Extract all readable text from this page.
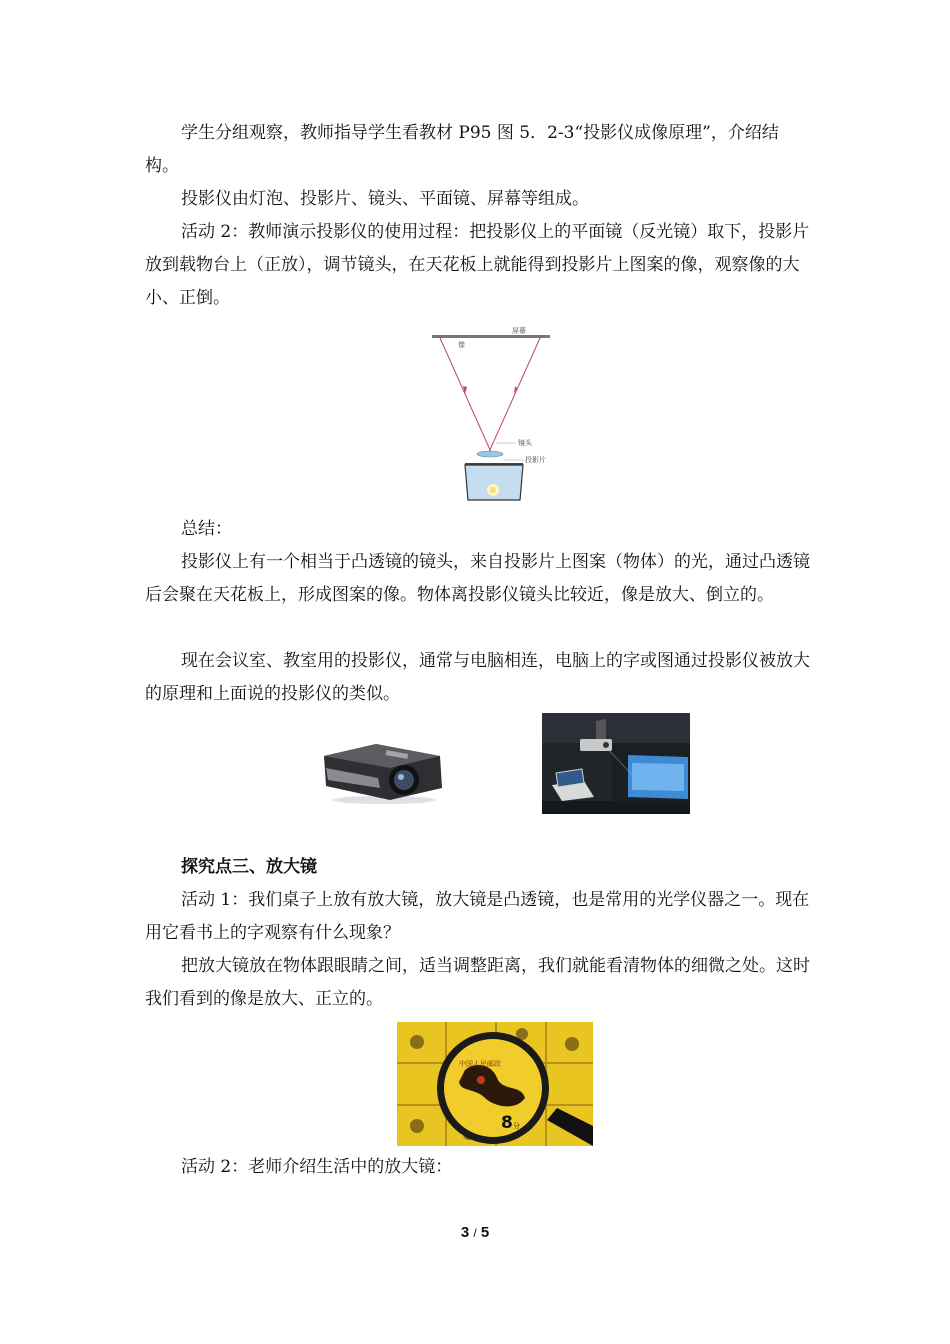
学生分组观察，教师指导学生看教材 P95 图 5．2-3“投影仪成像原理”，介绍结构。

投影仪由灯泡、投影片、镜头、平面镜、屏幕等组成。

活动 2：教师演示投影仪的使用过程：把投影仪上的平面镜（反光镜）取下，投影片放到载物台上（正放），调节镜头，在天花板上就能得到投影片上图案的像，观察像的大小、正倒。

屏幕
像
镜头
投影片

总结：

投影仪上有一个相当于凸透镜的镜头，来自投影片上图案（物体）的光，通过凸透镜后会聚在天花板上，形成图案的像。物体离投影仪镜头比较近，像是放大、倒立的。

现在会议室、教室用的投影仪，通常与电脑相连，电脑上的字或图通过投影仪被放大的原理和上面说的投影仪的类似。

探究点三、放大镜

活动 1：我们桌子上放有放大镜，放大镜是凸透镜，也是常用的光学仪器之一。现在用它看书上的字观察有什么现象？

把放大镜放在物体跟眼睛之间，适当调整距离，我们就能看清物体的细微之处。这时我们看到的像是放大、正立的。

中国人民邮政
8 分

活动 2：老师介绍生活中的放大镜：

3 / 5
